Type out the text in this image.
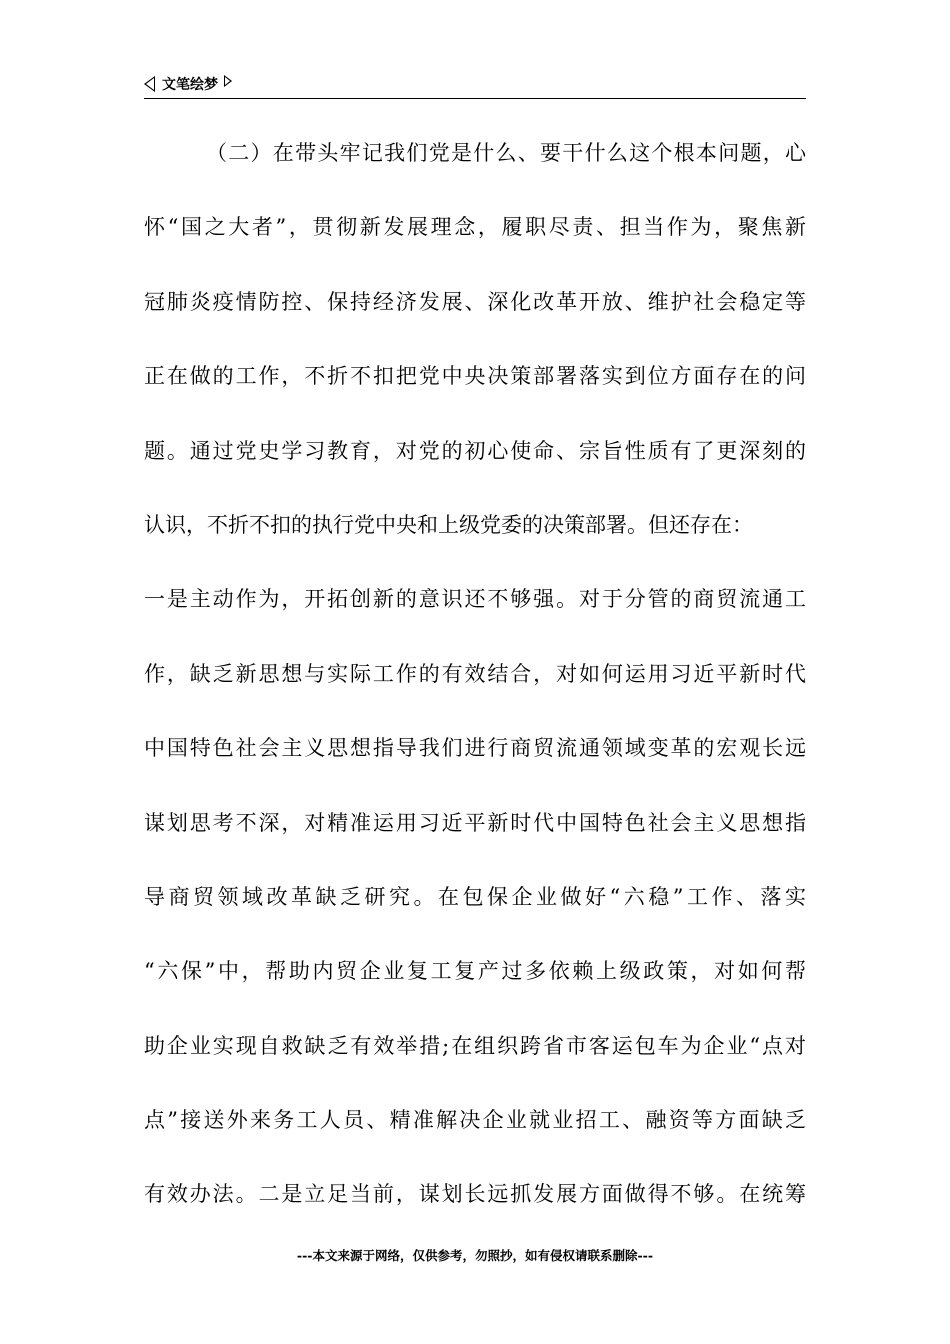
文笔绘梦
（二）在带头牢记我们党是什么、要干什么这个根本问题，心
怀“国之大者”，贯彻新发展理念，履职尽责、担当作为，聚焦新
冠肺炎疫情防控、保持经济发展、深化改革开放、维护社会稳定等
正在做的工作，不折不扣把党中央决策部署落实到位方面存在的问
题。通过党史学习教育，对党的初心使命、宗旨性质有了更深刻的
认识，不折不扣的执行党中央和上级党委的决策部署。但还存在：
一是主动作为，开拓创新的意识还不够强。对于分管的商贸流通工
作，缺乏新思想与实际工作的有效结合，对如何运用习近平新时代
中国特色社会主义思想指导我们进行商贸流通领域变革的宏观长远
谋划思考不深，对精准运用习近平新时代中国特色社会主义思想指
导商贸领域改革缺乏研究。在包保企业做好“六稳”工作、落实
“六保”中，帮助内贸企业复工复产过多依赖上级政策，对如何帮
助企业实现自救缺乏有效举措;在组织跨省市客运包车为企业“点对
点”接送外来务工人员、精准解决企业就业招工、融资等方面缺乏
有效办法。二是立足当前，谋划长远抓发展方面做得不够。在统筹
---本文来源于网络，仅供参考，勿照抄，如有侵权请联系删除---
